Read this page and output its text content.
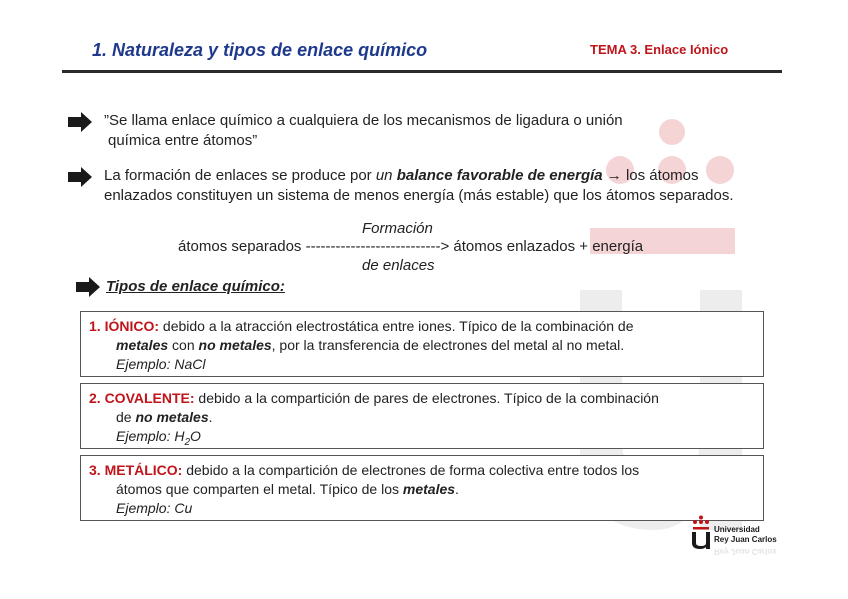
1. Naturaleza y tipos de enlace químico	TEMA 3. Enlace Iónico
”Se llama enlace químico a cualquiera de los mecanismos de ligadura o unión
química entre átomos”
La formación de enlaces se produce por un balance favorable de energía → los átomos
enlazados constituyen un sistema de menos energía (más estable) que los átomos separados.
Formación
átomos separados ---------------------------> átomos enlazados + energía
de enlaces
Tipos de enlace químico:
1. IÓNICO: debido a la atracción electrostática entre iones. Típico de la combinación de
metales con no metales, por la transferencia de electrones del metal al no metal.
Ejemplo: NaCl
2. COVALENTE: debido a la compartición de pares de electrones. Típico de la combinación
de no metales.
Ejemplo: $H_2O$
3. METÁLICO: debido a la compartición de electrones de forma colectiva entre todos los
átomos que comparten el metal. Típico de los metales.
Ejemplo: Cu
Universidad
Rey Juan Carlos
Rey Juan Carlos
